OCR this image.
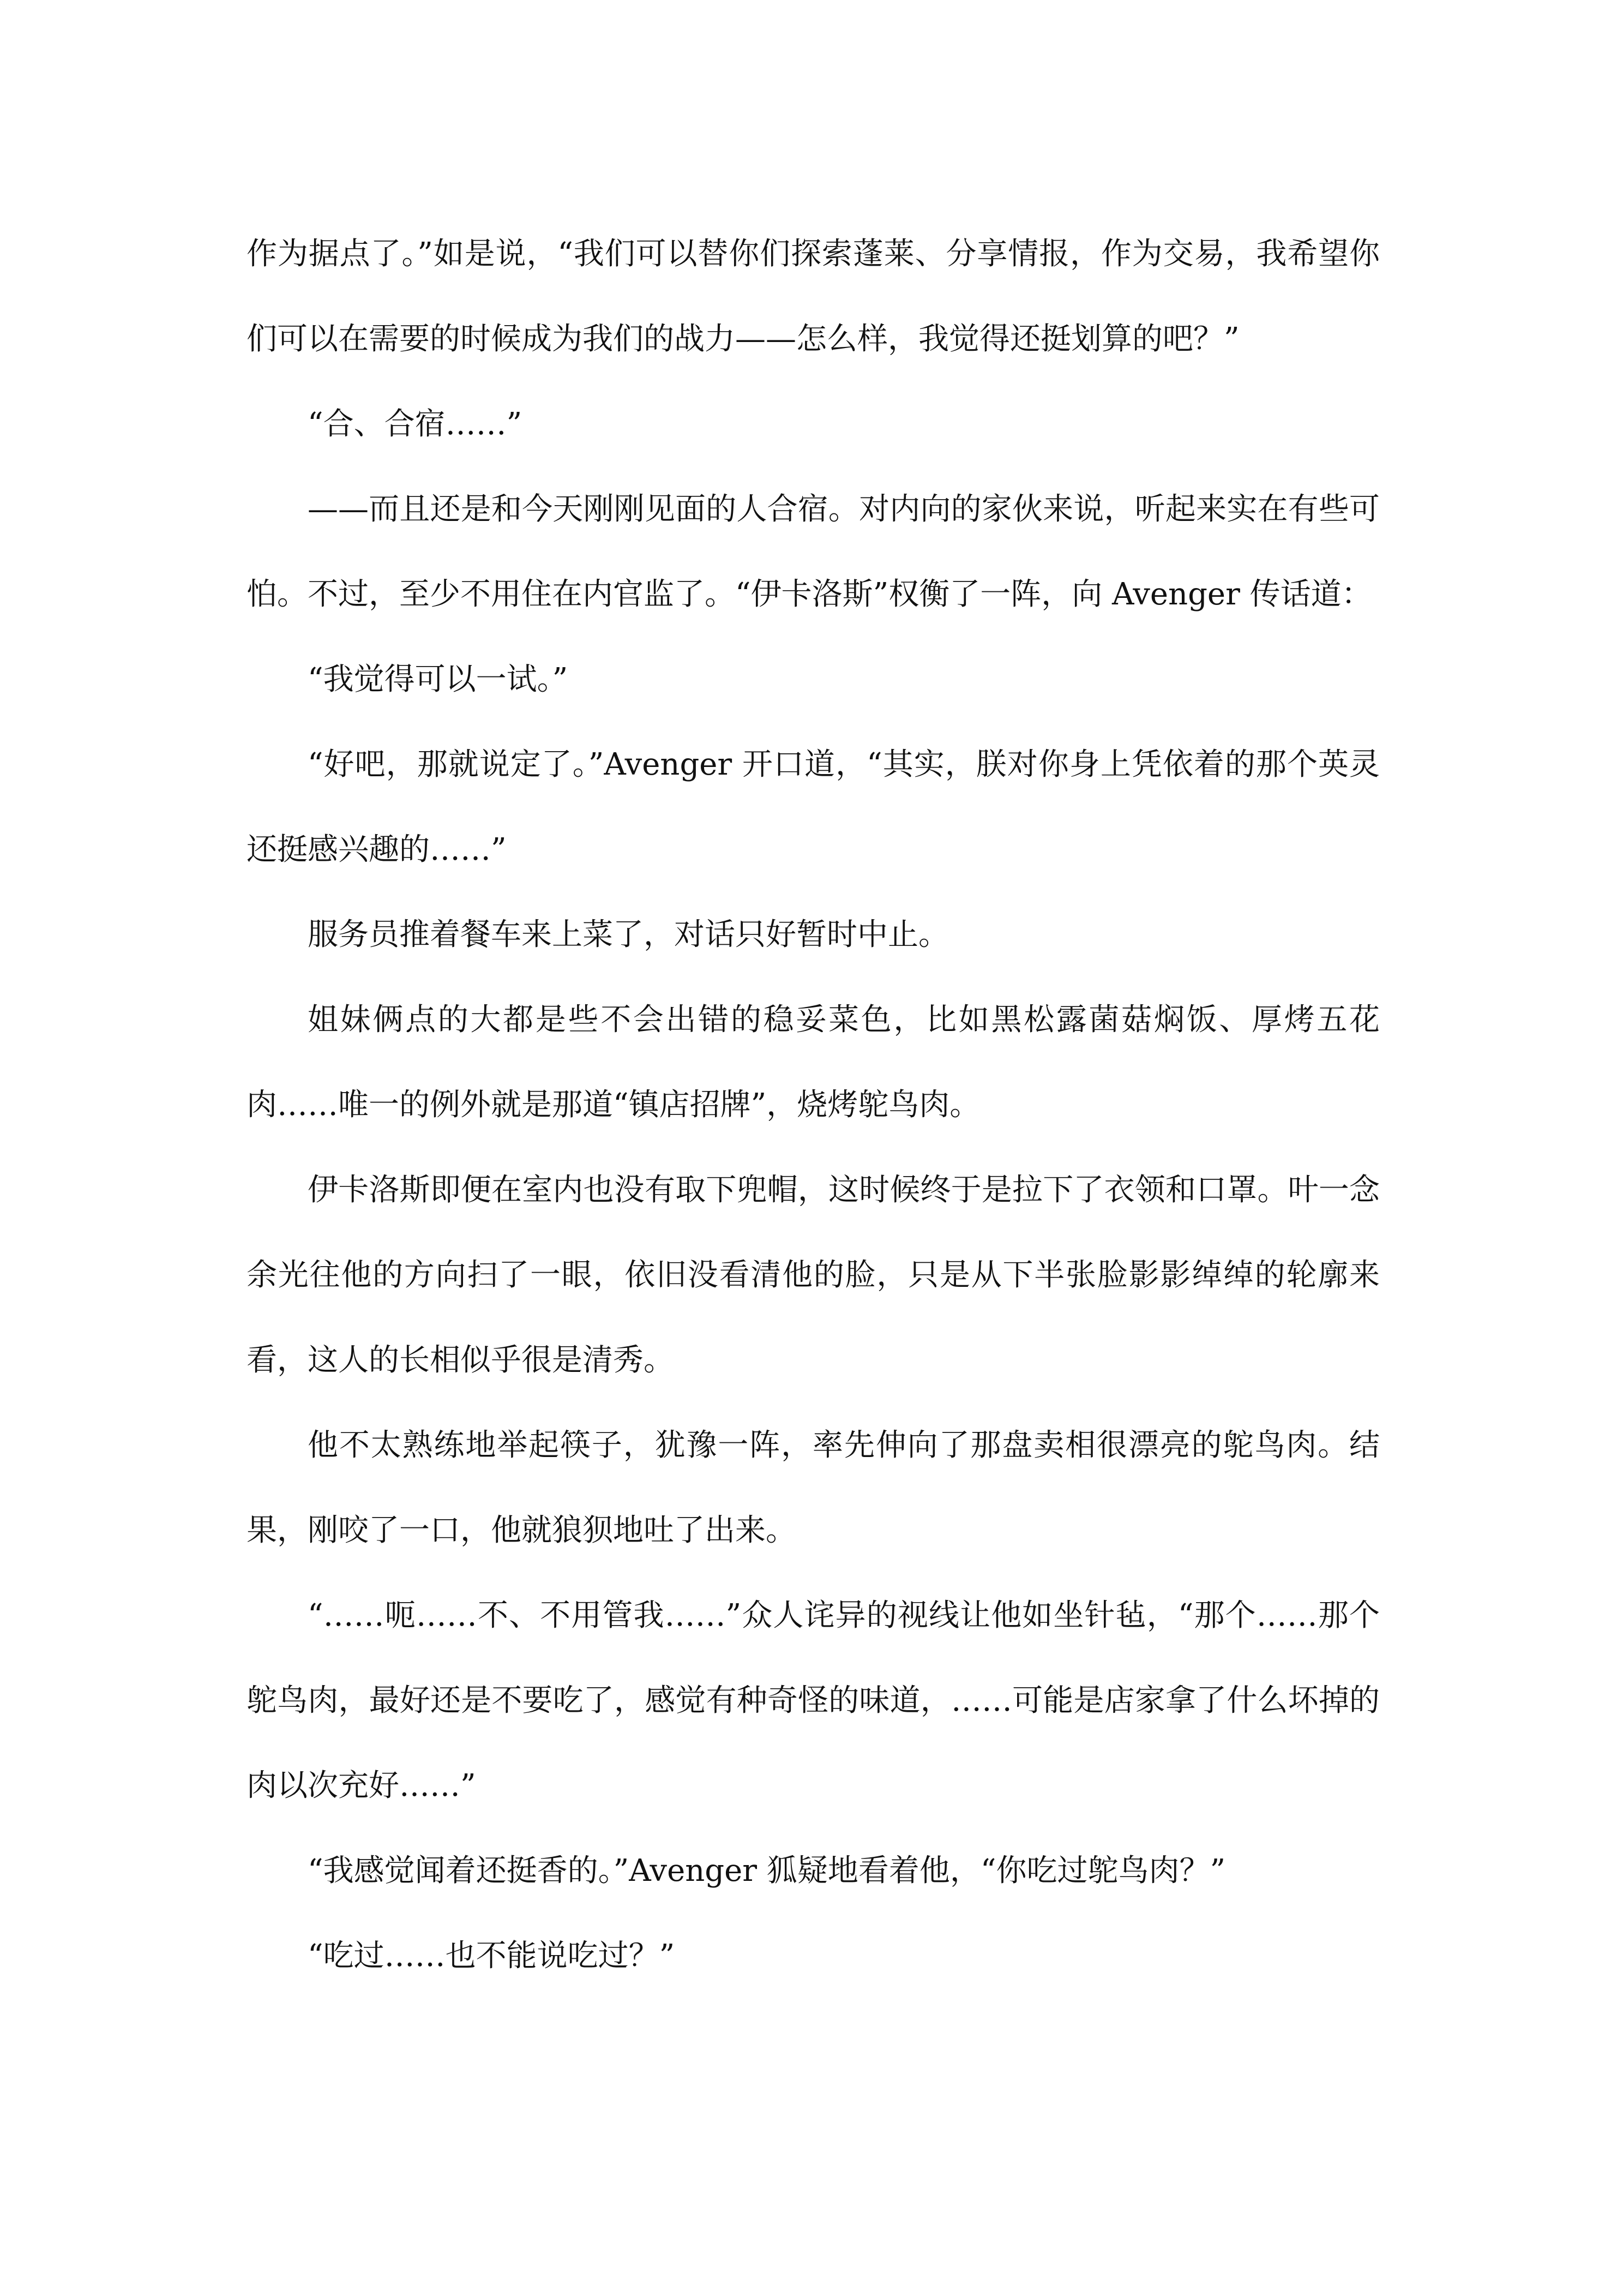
作为据点了。”如是说，“我们可以替你们探索蓬莱、分享情报，作为交易，我希望你们可以在需要的时候成为我们的战力——怎么样，我觉得还挺划算的吧？”

“合、合宿……”

——而且还是和今天刚刚见面的人合宿。对内向的家伙来说，听起来实在有些可怕。不过，至少不用住在内官监了。“伊卡洛斯”权衡了一阵，向 Avenger 传话道：

“我觉得可以一试。”

“好吧，那就说定了。”Avenger 开口道，“其实，朕对你身上凭依着的那个英灵还挺感兴趣的……”

服务员推着餐车来上菜了，对话只好暂时中止。

姐妹俩点的大都是些不会出错的稳妥菜色，比如黑松露菌菇焖饭、厚烤五花肉……唯一的例外就是那道“镇店招牌”，烧烤鸵鸟肉。

伊卡洛斯即便在室内也没有取下兜帽，这时候终于是拉下了衣领和口罩。叶一念余光往他的方向扫了一眼，依旧没看清他的脸，只是从下半张脸影影绰绰的轮廓来看，这人的长相似乎很是清秀。

他不太熟练地举起筷子，犹豫一阵，率先伸向了那盘卖相很漂亮的鸵鸟肉。结果，刚咬了一口，他就狼狈地吐了出来。

“……呃……不、不用管我……”众人诧异的视线让他如坐针毡，“那个……那个鸵鸟肉，最好还是不要吃了，感觉有种奇怪的味道，……可能是店家拿了什么坏掉的肉以次充好……”

“我感觉闻着还挺香的。”Avenger 狐疑地看着他，“你吃过鸵鸟肉？”

“吃过……也不能说吃过？”
